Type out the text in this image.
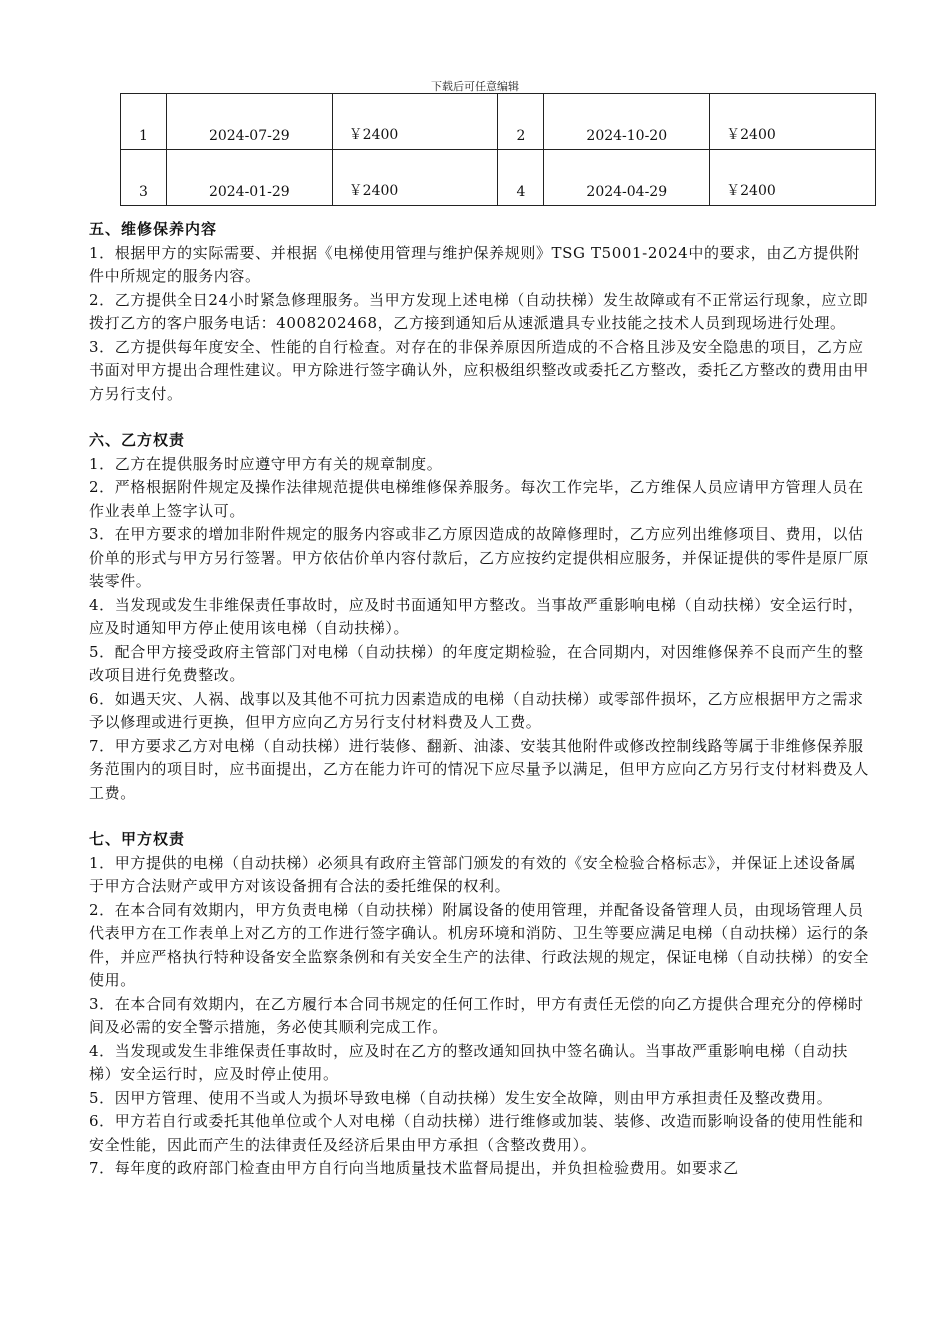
下载后可任意编辑
1	2024-07-29	￥2400	2	2024-10-20	￥2400
3	2024-01-29	￥2400	4	2024-04-29	￥2400

五、维修保养内容

1．根据甲方的实际需要、并根据《电梯使用管理与维护保养规则》TSG T5001-2024中的要求，由乙方提供附件中所规定的服务内容。

2．乙方提供全日24小时紧急修理服务。当甲方发现上述电梯（自动扶梯）发生故障或有不正常运行现象，应立即拨打乙方的客户服务电话：4008202468，乙方接到通知后从速派遣具专业技能之技术人员到现场进行处理。

3．乙方提供每年度安全、性能的自行检查。对存在的非保养原因所造成的不合格且涉及安全隐患的项目，乙方应书面对甲方提出合理性建议。甲方除进行签字确认外，应积极组织整改或委托乙方整改，委托乙方整改的费用由甲方另行支付。

六、乙方权责

1．乙方在提供服务时应遵守甲方有关的规章制度。

2．严格根据附件规定及操作法律规范提供电梯维修保养服务。每次工作完毕，乙方维保人员应请甲方管理人员在作业表单上签字认可。

3．在甲方要求的增加非附件规定的服务内容或非乙方原因造成的故障修理时，乙方应列出维修项目、费用，以估价单的形式与甲方另行签署。甲方依估价单内容付款后，乙方应按约定提供相应服务，并保证提供的零件是原厂原装零件。

4．当发现或发生非维保责任事故时，应及时书面通知甲方整改。当事故严重影响电梯（自动扶梯）安全运行时，应及时通知甲方停止使用该电梯（自动扶梯）。

5．配合甲方接受政府主管部门对电梯（自动扶梯）的年度定期检验，在合同期内，对因维修保养不良而产生的整改项目进行免费整改。

6．如遇天灾、人祸、战事以及其他不可抗力因素造成的电梯（自动扶梯）或零部件损坏，乙方应根据甲方之需求予以修理或进行更换，但甲方应向乙方另行支付材料费及人工费。

7．甲方要求乙方对电梯（自动扶梯）进行装修、翻新、油漆、安装其他附件或修改控制线路等属于非维修保养服务范围内的项目时，应书面提出，乙方在能力许可的情况下应尽量予以满足，但甲方应向乙方另行支付材料费及人工费。

七、甲方权责

1．甲方提供的电梯（自动扶梯）必须具有政府主管部门颁发的有效的《安全检验合格标志》，并保证上述设备属于甲方合法财产或甲方对该设备拥有合法的委托维保的权利。

2．在本合同有效期内，甲方负责电梯（自动扶梯）附属设备的使用管理，并配备设备管理人员，由现场管理人员代表甲方在工作表单上对乙方的工作进行签字确认。机房环境和消防、卫生等要应满足电梯（自动扶梯）运行的条件，并应严格执行特种设备安全监察条例和有关安全生产的法律、行政法规的规定，保证电梯（自动扶梯）的安全使用。

3．在本合同有效期内，在乙方履行本合同书规定的任何工作时，甲方有责任无偿的向乙方提供合理充分的停梯时间及必需的安全警示措施，务必使其顺利完成工作。

4．当发现或发生非维保责任事故时，应及时在乙方的整改通知回执中签名确认。当事故严重影响电梯（自动扶梯）安全运行时，应及时停止使用。

5．因甲方管理、使用不当或人为损坏导致电梯（自动扶梯）发生安全故障，则由甲方承担责任及整改费用。

6．甲方若自行或委托其他单位或个人对电梯（自动扶梯）进行维修或加装、装修、改造而影响设备的使用性能和安全性能，因此而产生的法律责任及经济后果由甲方承担（含整改费用）。

7．每年度的政府部门检查由甲方自行向当地质量技术监督局提出，并负担检验费用。如要求乙
